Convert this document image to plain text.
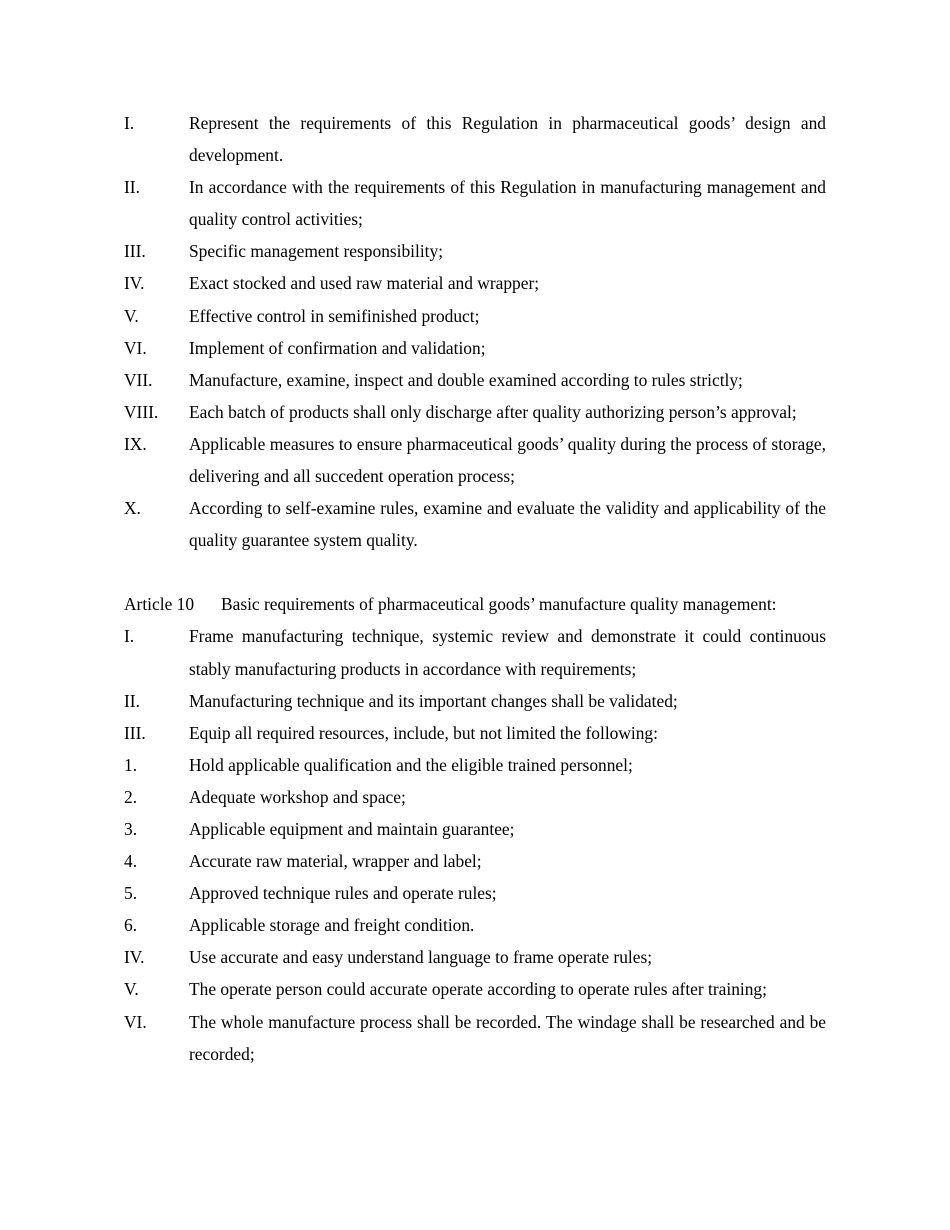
I.	Represent the requirements of this Regulation in pharmaceutical goods’ design and development.
II.	In accordance with the requirements of this Regulation in manufacturing management and quality control activities;
III.	Specific management responsibility;
IV.	Exact stocked and used raw material and wrapper;
V.	Effective control in semifinished product;
VI.	Implement of confirmation and validation;
VII.	Manufacture, examine, inspect and double examined according to rules strictly;
VIII.	Each batch of products shall only discharge after quality authorizing person’s approval;
IX.	Applicable measures to ensure pharmaceutical goods’ quality during the process of storage, delivering and all succedent operation process;
X.	According to self-examine rules, examine and evaluate the validity and applicability of the quality guarantee system quality.
Article 10	Basic requirements of pharmaceutical goods’ manufacture quality management:
I.	Frame manufacturing technique, systemic review and demonstrate it could continuous stably manufacturing products in accordance with requirements;
II.	Manufacturing technique and its important changes shall be validated;
III.	Equip all required resources, include, but not limited the following:
1.	Hold applicable qualification and the eligible trained personnel;
2.	Adequate workshop and space;
3.	Applicable equipment and maintain guarantee;
4.	Accurate raw material, wrapper and label;
5.	Approved technique rules and operate rules;
6.	Applicable storage and freight condition.
IV.	Use accurate and easy understand language to frame operate rules;
V.	The operate person could accurate operate according to operate rules after training;
VI.	The whole manufacture process shall be recorded. The windage shall be researched and be recorded;
